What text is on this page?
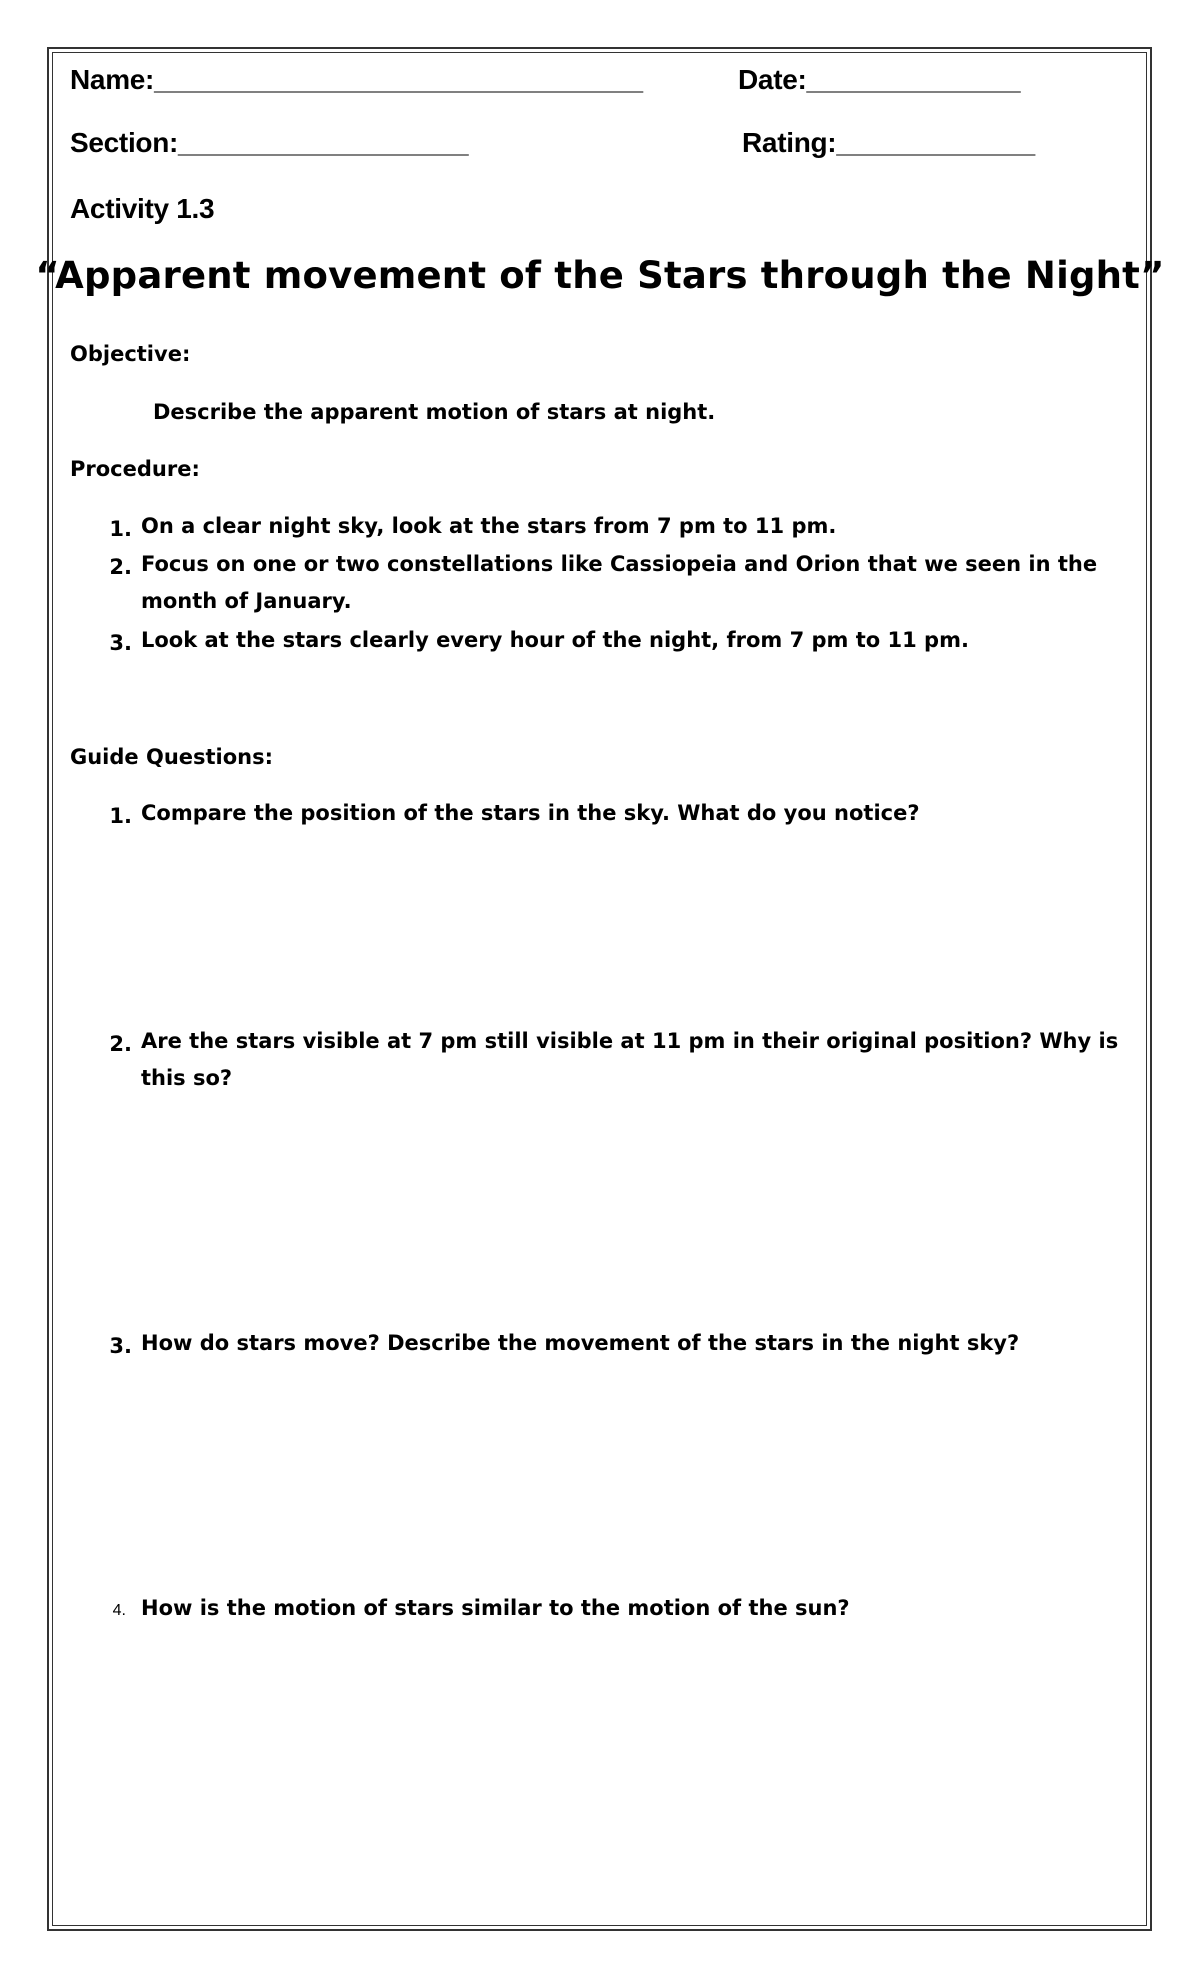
Name:________________________________	Date:______________
Section:___________________	Rating:_____________
Activity 1.3
“Apparent movement of the Stars through the Night”
Objective:
Describe the apparent motion of stars at night.
Procedure:
1. On a clear night sky, look at the stars from 7 pm to 11 pm.
2. Focus on one or two constellations like Cassiopeia and Orion that we seen in the
month of January.
3. Look at the stars clearly every hour of the night, from 7 pm to 11 pm.
Guide Questions:
1. Compare the position of the stars in the sky. What do you notice?
2. Are the stars visible at 7 pm still visible at 11 pm in their original position? Why is
this so?
3. How do stars move? Describe the movement of the stars in the night sky?
4. How is the motion of stars similar to the motion of the sun?
